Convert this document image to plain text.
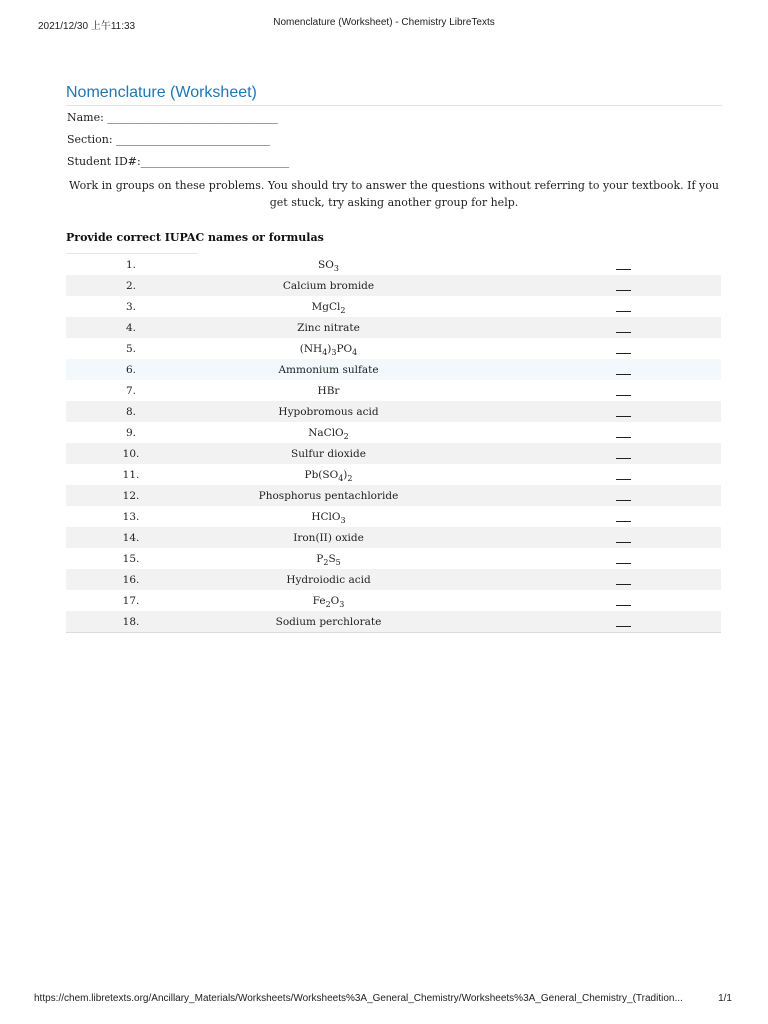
2021/12/30 上午11:33	Nomenclature (Worksheet) - Chemistry LibreTexts
Nomenclature (Worksheet)
Name: _______________________________
Section: ____________________________
Student ID#:___________________________
Work in groups on these problems. You should try to answer the questions without referring to your textbook. If you get stuck, try asking another group for help.
Provide correct IUPAC names or formulas
1.	$SO_3$	
2.	Calcium bromide	
3.	MgCl$_2$	
4.	Zinc nitrate	
5.	$(NH_4)_3PO_4$	
6.	Ammonium sulfate	
7.	HBr	
8.	Hypobromous acid	
9.	NaClO$_2$	
10.	Sulfur dioxide	
11.	$Pb(SO_4)_2$	
12.	Phosphorus pentachloride	
13.	HClO$_3$	
14.	Iron(II) oxide	
15.	$P_2S_5$	
16.	Hydroiodic acid	
17.	$Fe_2O_3$	
18.	Sodium perchlorate	
https://chem.libretexts.org/Ancillary_Materials/Worksheets/Worksheets%3A_General_Chemistry/Worksheets%3A_General_Chemistry_(Tradition...	1/1
